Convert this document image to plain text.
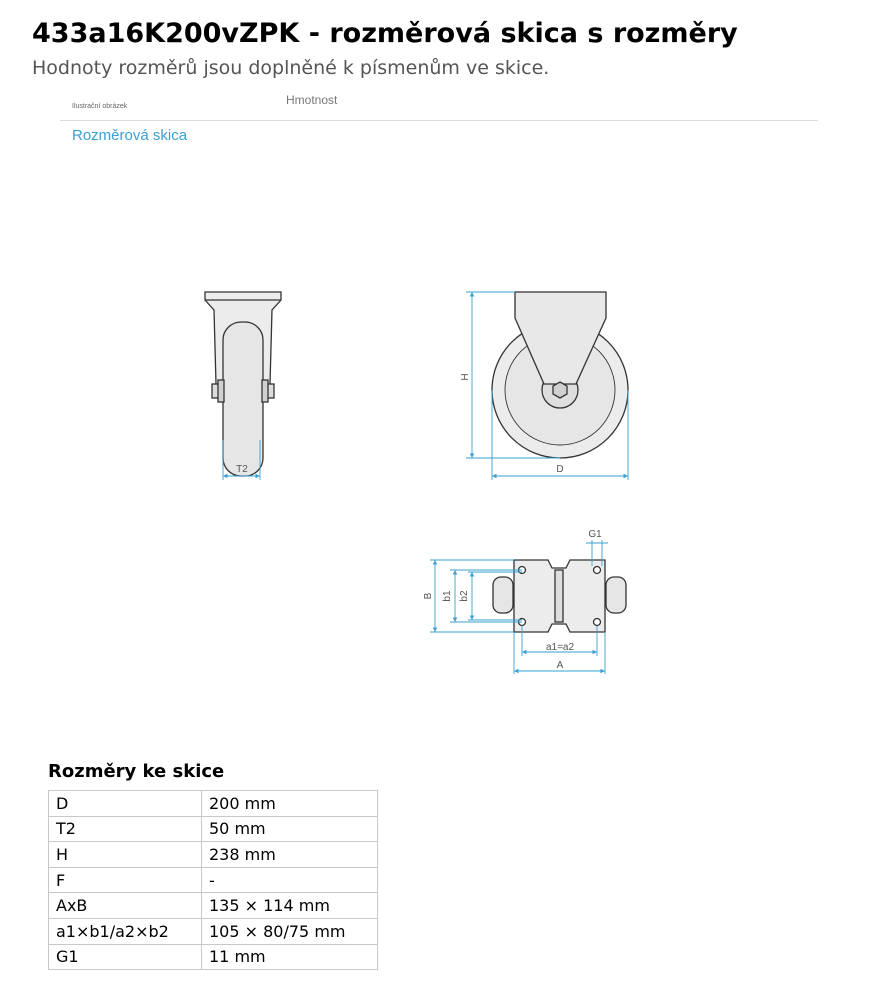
433a16K200vZPK - rozměrová skica s rozměry
Hodnoty rozměrů jsou doplněné k písmenům ve skice.
Ilustrační obrázek	Hmotnost
Rozměrová skica
T2
H
D
G1
B b1 b2
a1=a2
A
Rozměry ke skice
D	200 mm
T2	50 mm
H	238 mm
F	-
AxB	135 × 114 mm
a1×b1/a2×b2	105 × 80/75 mm
G1	11 mm
